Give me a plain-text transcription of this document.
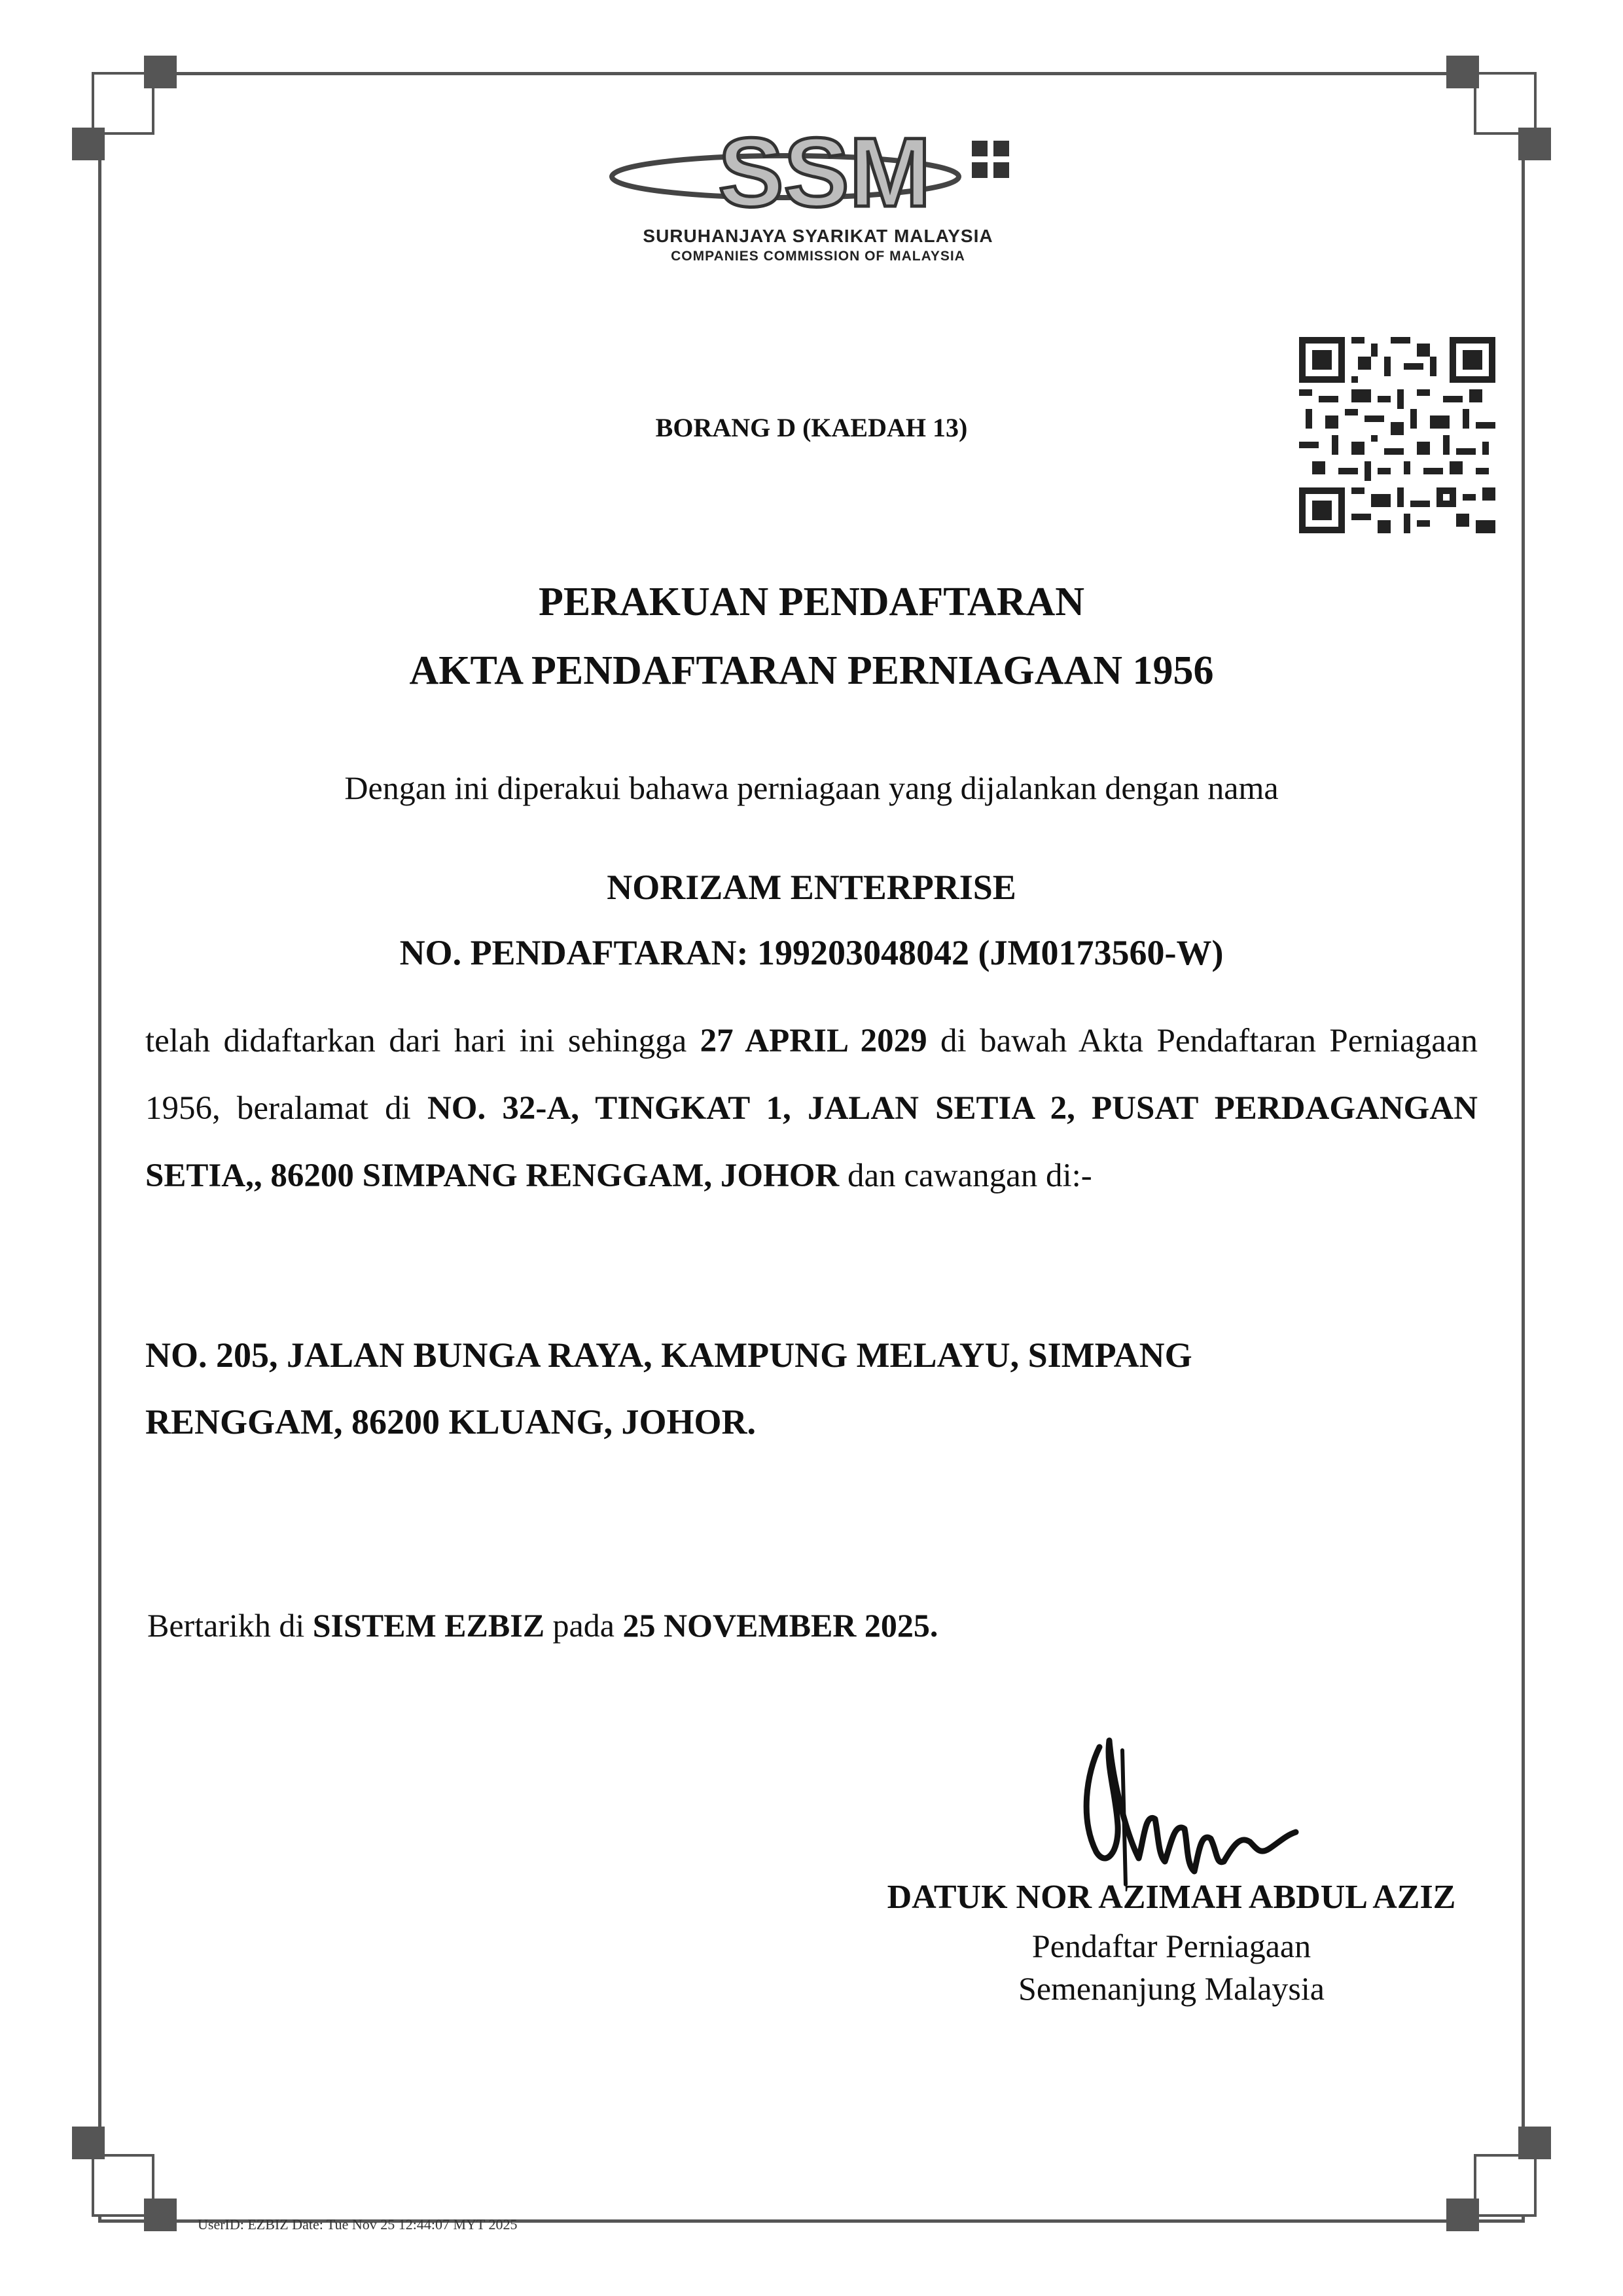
SSM
SURUHANJAYA SYARIKAT MALAYSIA
COMPANIES COMMISSION OF MALAYSIA
BORANG D (KAEDAH 13)
PERAKUAN PENDAFTARAN
AKTA PENDAFTARAN PERNIAGAAN 1956
Dengan ini diperakui bahawa perniagaan yang dijalankan dengan nama
NORIZAM ENTERPRISE
NO. PENDAFTARAN: 199203048042 (JM0173560-W)
telah didaftarkan dari hari ini sehingga 27 APRIL 2029 di bawah Akta Pendaftaran Perniagaan 1956, beralamat di NO. 32-A, TINGKAT 1, JALAN SETIA 2, PUSAT PERDAGANGAN SETIA,, 86200 SIMPANG RENGGAM, JOHOR dan cawangan di:-
NO. 205, JALAN BUNGA RAYA, KAMPUNG MELAYU, SIMPANG
RENGGAM, 86200 KLUANG, JOHOR.
Bertarikh di SISTEM EZBIZ pada 25 NOVEMBER 2025.
DATUK NOR AZIMAH ABDUL AZIZ
Pendaftar Perniagaan
Semenanjung Malaysia
UserID: EZBIZ Date: Tue Nov 25 12:44:07 MYT 2025
